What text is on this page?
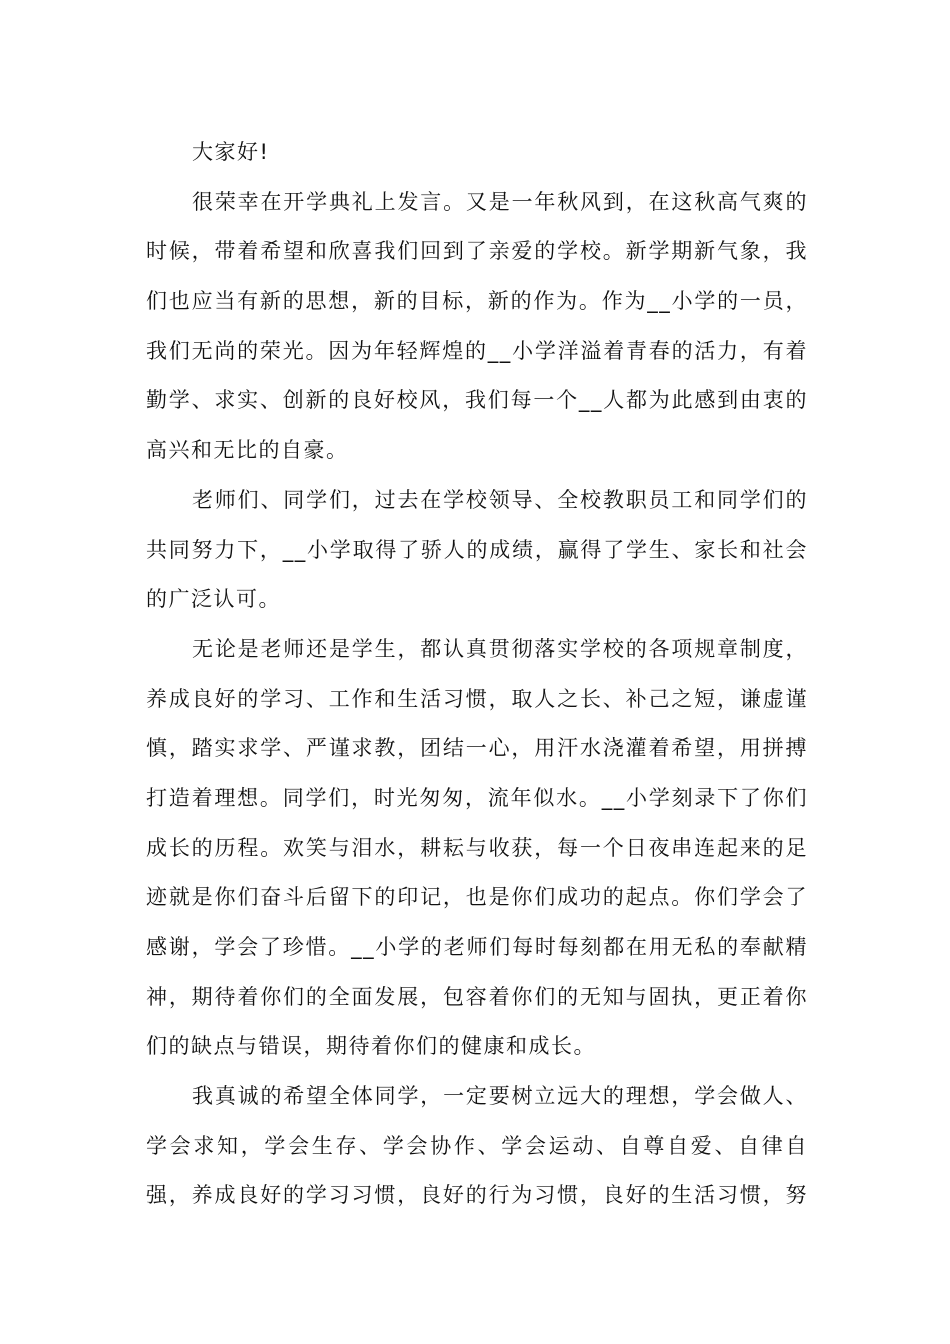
大家好!
很荣幸在开学典礼上发言。又是一年秋风到，在这秋高气爽的
时候，带着希望和欣喜我们回到了亲爱的学校。新学期新气象，我
们也应当有新的思想，新的目标，新的作为。作为__小学的一员，
我们无尚的荣光。因为年轻辉煌的__小学洋溢着青春的活力，有着
勤学、求实、创新的良好校风，我们每一个__人都为此感到由衷的
高兴和无比的自豪。
老师们、同学们，过去在学校领导、全校教职员工和同学们的
共同努力下，__小学取得了骄人的成绩，赢得了学生、家长和社会
的广泛认可。
无论是老师还是学生，都认真贯彻落实学校的各项规章制度，
养成良好的学习、工作和生活习惯，取人之长、补己之短，谦虚谨
慎，踏实求学、严谨求教，团结一心，用汗水浇灌着希望，用拼搏
打造着理想。同学们，时光匆匆，流年似水。__小学刻录下了你们
成长的历程。欢笑与泪水，耕耘与收获，每一个日夜串连起来的足
迹就是你们奋斗后留下的印记，也是你们成功的起点。你们学会了
感谢，学会了珍惜。__小学的老师们每时每刻都在用无私的奉献精
神，期待着你们的全面发展，包容着你们的无知与固执，更正着你
们的缺点与错误，期待着你们的健康和成长。
我真诚的希望全体同学，一定要树立远大的理想，学会做人、
学会求知，学会生存、学会协作、学会运动、自尊自爱、自律自
强，养成良好的学习习惯，良好的行为习惯，良好的生活习惯，努
